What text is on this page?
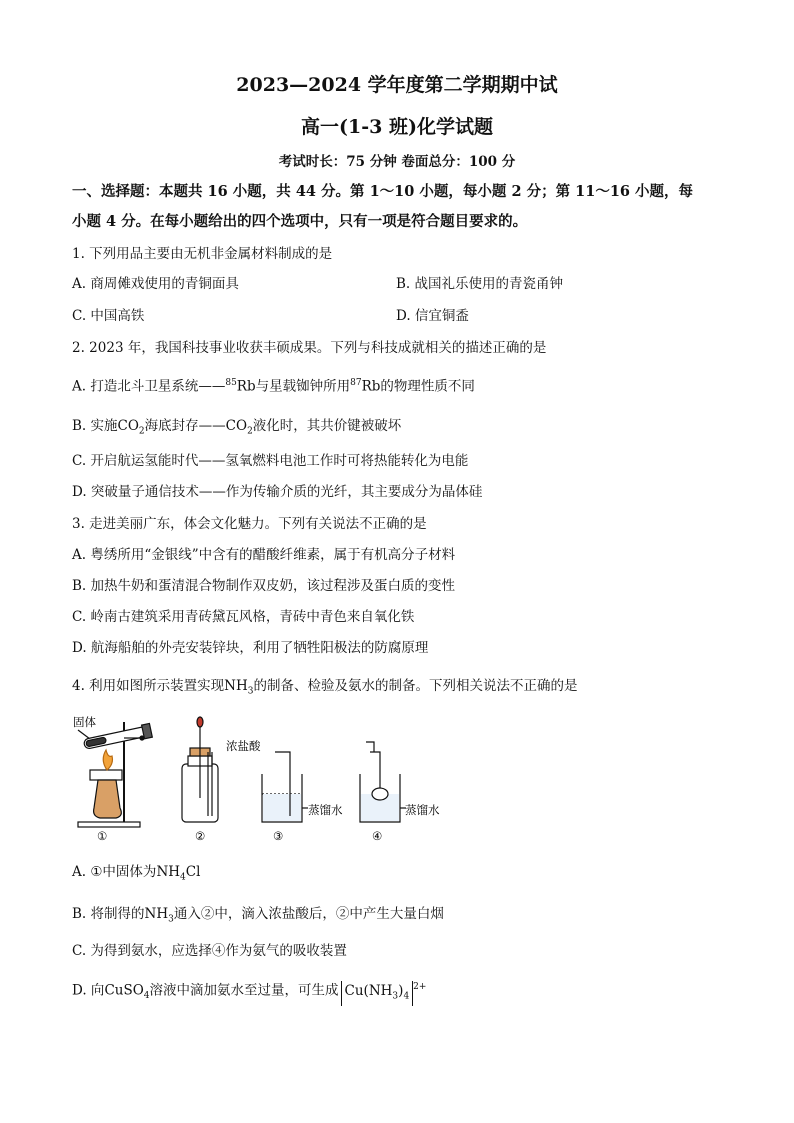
2023—2024 学年度第二学期期中试
高一(1-3 班)化学试题
考试时长：75 分钟 卷面总分：100 分
一、选择题：本题共 16 小题，共 44 分。第 1～10 小题，每小题 2 分；第 11～16 小题，每
小题 4 分。在每小题给出的四个选项中，只有一项是符合题目要求的。
1. 下列用品主要由无机非金属材料制成的是
A. 商周傩戏使用的青铜面具	B. 战国礼乐使用的青瓷甬钟
C. 中国高铁	D. 信宜铜盉
2. 2023 年，我国科技事业收获丰硕成果。下列与科技成就相关的描述正确的是
A. 打造北斗卫星系统——$^{85}$Rb与星载铷钟所用$^{87}$Rb的物理性质不同
B. 实施$CO_2$海底封存$——CO_2$液化时，其共价键被破坏
C. 开启航运氢能时代——氢氧燃料电池工作时可将热能转化为电能
D. 突破量子通信技术——作为传输介质的光纤，其主要成分为晶体硅
3. 走进美丽广东，体会文化魅力。下列有关说法不正确的是
A. 粤绣所用“金银线”中含有的醋酸纤维素，属于有机高分子材料
B. 加热牛奶和蛋清混合物制作双皮奶，该过程涉及蛋白质的变性
C. 岭南古建筑采用青砖黛瓦风格，青砖中青色来自氧化铁
D. 航海船舶的外壳安装锌块，利用了牺牲阳极法的防腐原理
4. 利用如图所示装置实现$NH_3$的制备、检验及氨水的制备。下列相关说法不正确的是
固体
浓盐酸
蒸馏水	蒸馏水
①	②	③	④
A. ①中固体为$NH_4Cl$
B. 将制得的$NH_3$通入②中，滴入浓盐酸后，②中产生大量白烟
C. 为得到氨水，应选择④作为氨气的吸收装置
D. 向CuSO$_4$溶液中滴加氨水至过量，可生成 $Cu(NH_3)_4^{2+}$
